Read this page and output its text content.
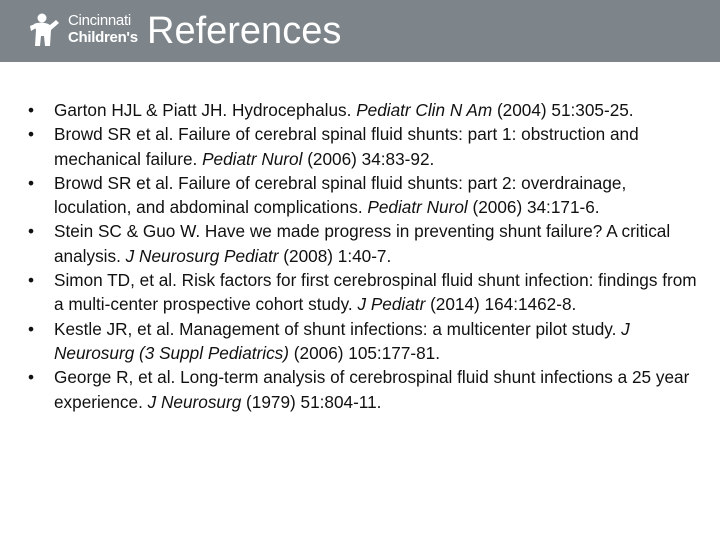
Cincinnati
Children's References
• Garton HJL & Piatt JH. Hydrocephalus. Pediatr Clin N Am (2004) 51:305-25.
• Browd SR et al. Failure of cerebral spinal fluid shunts: part 1: obstruction and mechanical failure. Pediatr Nurol (2006) 34:83-92.
• Browd SR et al. Failure of cerebral spinal fluid shunts: part 2: overdrainage, loculation, and abdominal complications. Pediatr Nurol (2006) 34:171-6.
• Stein SC & Guo W. Have we made progress in preventing shunt failure? A critical analysis. J Neurosurg Pediatr (2008) 1:40-7.
• Simon TD, et al. Risk factors for first cerebrospinal fluid shunt infection: findings from a multi-center prospective cohort study. J Pediatr (2014) 164:1462-8.
• Kestle JR, et al. Management of shunt infections: a multicenter pilot study. J Neurosurg (3 Suppl Pediatrics) (2006) 105:177-81.
• George R, et al. Long-term analysis of cerebrospinal fluid shunt infections a 25 year experience. J Neurosurg (1979) 51:804-11.
